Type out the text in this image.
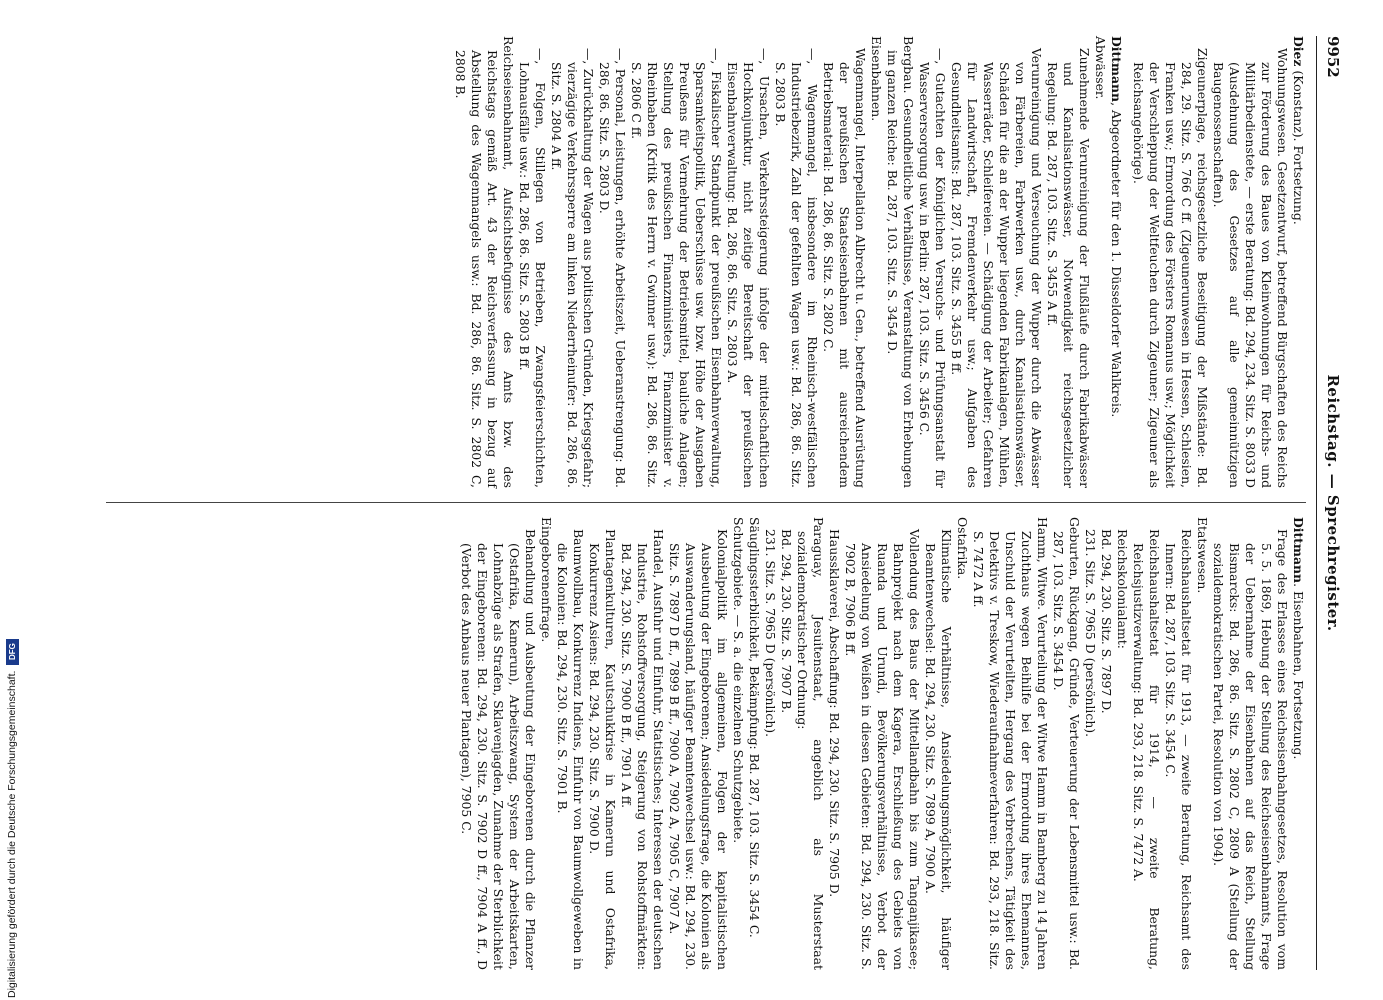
9952
Reichstag. — Sprechregister.
Diez (Konstanz). Fortsetzung.
Wohnungswesen. Gesetzentwurf, betreffend Bürgschaften des Reichs zur Förderung des Baues von Kleinwohnungen für Reichs- und Militärbedienstete, — erste Beratung: Bd. 294, 234. Sitz. S. 8033 D (Ausdehnung des Gesetzes auf alle gemeinnützigen Baugenossenschaften).
Zigeunerplage, reichsgesetzliche Beseitigung der Mißstände: Bd. 284, 29. Sitz. S. 766 C ff. (Zigeunerunwesen in Hessen, Schlesien, Franken usw.; Ermordung des Försters Romanus usw.; Möglichkeit der Verschleppung der Weltfeuchen durch Zigeuner; Zigeuner als Reichsangehörige).
Dittmann, Abgeordneter für den 1. Düsseldorfer Wahlkreis.
Abwässer.
Zunehmende Verunreinigung der Flußläufe durch Fabrikabwässer und Kanalisationswässer, Notwendigkeit reichsgesetzlicher Regelung: Bd. 287, 103. Sitz. S. 3455 A ff.
Verunreinigung und Verseuchung der Wupper durch die Abwässer von Färbereien, Farbwerken usw., durch Kanalisationswässer, Schäden für die an der Wupper liegenden Fabrikanlagen, Mühlen, Wasserräder, Schleifereien. — Schädigung der Arbeiter; Gefahren für Landwirtschaft, Fremdenverkehr usw.; Aufgaben des Gesundheitsamts: Bd. 287, 103. Sitz. S. 3455 B ff.
—, Gutachten der Königlichen Versuchs- und Prüfungsanstalt für Wasserversorgung usw. in Berlin: 287, 103. Sitz. S. 3456 C.
Bergbau. Gesundheitliche Verhältnisse, Veranstaltung von Erhebungen im ganzen Reiche: Bd. 287, 103. Sitz. S. 3454 D.
Eisenbahnen.
Wagenmangel, Interpellation Albrecht u. Gen., betreffend Ausrüstung der preußischen Staatseisenbahnen mit ausreichendem Betriebsmaterial: Bd. 286, 86. Sitz. S. 2802 C.
—, Wagenmangel, insbesondere im Rheinisch-westfälischen Industriebezirk, Zahl der gefehlten Wagen usw.: Bd. 286, 86. Sitz. S. 2803 B.
—, Ursachen, Verkehrssteigerung infolge der mittelschaftlichen Hochkonjunktur, nicht zeitige Bereitschaft der preußischen Eisenbahnverwaltung: Bd. 286, 86. Sitz. S. 2803 A.
—, Fiskalischer Standpunkt der preußischen Eisenbahnverwaltung, Sparsamkeitspolitik, Ueberschüsse usw. bzw. Höhe der Ausgaben Preußens für Vermehrung der Betriebsmittel, bauliche Anlagen; Stellung des preußischen Finanzministers, Finanzminister v. Rheinbaben (Kritik des Herrn v. Gwinner usw.): Bd. 286, 86. Sitz. S. 2806 C ff.
—, Personal, Leistungen, erhöhte Arbeitszeit, Ueberanstrengung: Bd. 286, 86. Sitz. S. 2803 D.
—, Zurückhaltung der Wagen aus politischen Gründen, Kriegsgefahr; vierzägige Verkehrssperre am linken Niederrheinufer: Bd. 286, 86. Sitz. S. 2804 A ff.
—, Folgen, Stillegen von Betrieben, Zwangsfeierschichten, Lohnausfälle usw.: Bd. 286, 86. Sitz. S. 2803 B ff.
Reichseisenbahnamt, Aufsichtsbefugnisse des Amts bzw. des Reichstags gemäß Art. 43 der Reichsverfassung in bezug auf Abstellung des Wagenmangels usw.: Bd. 286, 86. Sitz. S. 2802 C, 2808 B.
Dittmann. Eisenbahnen, Fortsetzung.
Frage des Erlasses eines Reichseisenbahngesetzes, Resolution vom 5. 5. 1869, Hebung der Stellung des Reichseisenbahnamts, Frage der Uebernahme der Eisenbahnen auf das Reich, Stellung Bismarcks: Bd. 286, 86. Sitz. S. 2802 C, 2809 A (Stellung der sozialdemokratischen Partei, Resolution von 1904).
Etatswesen.
Reichshaushaltsetat für 1913, — zweite Beratung, Reichsamt des Innern: Bd. 287, 103. Sitz. S. 3454 C.
Reichshaushaltsetat für 1914, — zweite Beratung, Reichsjustizverwaltung: Bd. 293, 218. Sitz. S. 7472 A.
Reichskolonialamt:
Bd. 294, 230. Sitz. S. 7897 D.
231. Sitz. S. 7965 D (persönlich).
Geburten, Rückgang, Gründe, Verteuerung der Lebensmittel usw.: Bd. 287, 103. Sitz. S. 3454 D.
Hamm, Witwe. Verurteilung der Witwe Hamm in Bamberg zu 14 Jahren Zuchthaus wegen Beihilfe bei der Ermordung ihres Ehemannes, Unschuld der Verurteilten, Hergang des Verbrechens, Tätigkeit des Detektivs v. Treskow, Wiederaufnahmeverfahren: Bd. 293, 218. Sitz. S. 7472 A ff.
Ostafrika.
Klimatische Verhältnisse, Ansiedelungsmöglichkeit, häufiger Beamtenwechsel: Bd. 294, 230. Sitz. S. 7899 A, 7900 A.
Vollendung des Baus der Mittellandbahn bis zum Tanganjikasee; Bahnprojekt nach dem Kagera, Erschließung des Gebiets von Ruanda und Urundi, Bevölkerungsverhältnisse, Verbot der Ansiedelung von Weißen in diesen Gebieten: Bd. 294, 230. Sitz. S. 7902 B, 7906 B ff.
Haussklaverei, Abschaffung: Bd. 294, 230. Sitz. S. 7905 D.
Paraguay, Jesuitenstaat, angeblich als Musterstaat sozialdemokratischer Ordnung:
Bd. 294, 230. Sitz. S. 7907 B.
231. Sitz. S. 7965 D (persönlich).
Säuglingssterblichkeit, Bekämpfung: Bd. 287, 103. Sitz. S. 3454 C.
Schutzgebiete. — S. a. die einzelnen Schutzgebiete.
Kolonialpolitik im allgemeinen, Folgen der kapitalistischen Ausbeutung der Eingeborenen; Ansiedelungsfrage, die Kolonien als Auswanderungsland, häufiger Beamtenwechsel usw.: Bd. 294, 230. Sitz. S. 7897 D ff., 7899 B ff., 7900 A, 7902 A, 7905 C, 7907 A.
Handel, Ausfuhr und Einfuhr, Statistisches; Interessen der deutschen Industrie, Rohstoffversorgung, Steigerung von Rohstoffmärkten: Bd. 294, 230. Sitz. S. 7900 B ff., 7901 A ff.
Plantagenkulturen, Kautschukkrise in Kamerun und Ostafrika, Konkurrenz Asiens: Bd. 294, 230. Sitz. S. 7900 D.
Baumwollbau, Konkurrenz Indiens, Einfuhr von Baumwollgeweben in die Kolonien: Bd. 294, 230. Sitz. S. 7901 B.
Eingeborenenfrage.
Behandlung und Ausbeutung der Eingeborenen durch die Pflanzer (Ostafrika, Kamerun), Arbeitszwang, System der Arbeitskarten, Lohnabzüge als Strafen, Sklavenjagden, Zunahme der Sterblichkeit der Eingeborenen: Bd. 294, 230. Sitz. S. 7902 D ff., 7904 A ff., D (Verbot des Anbaus neuer Plantagen), 7905 C.
Digitalisierung gefördert durch die Deutsche Forschungsgemeinschaft.
DFG
